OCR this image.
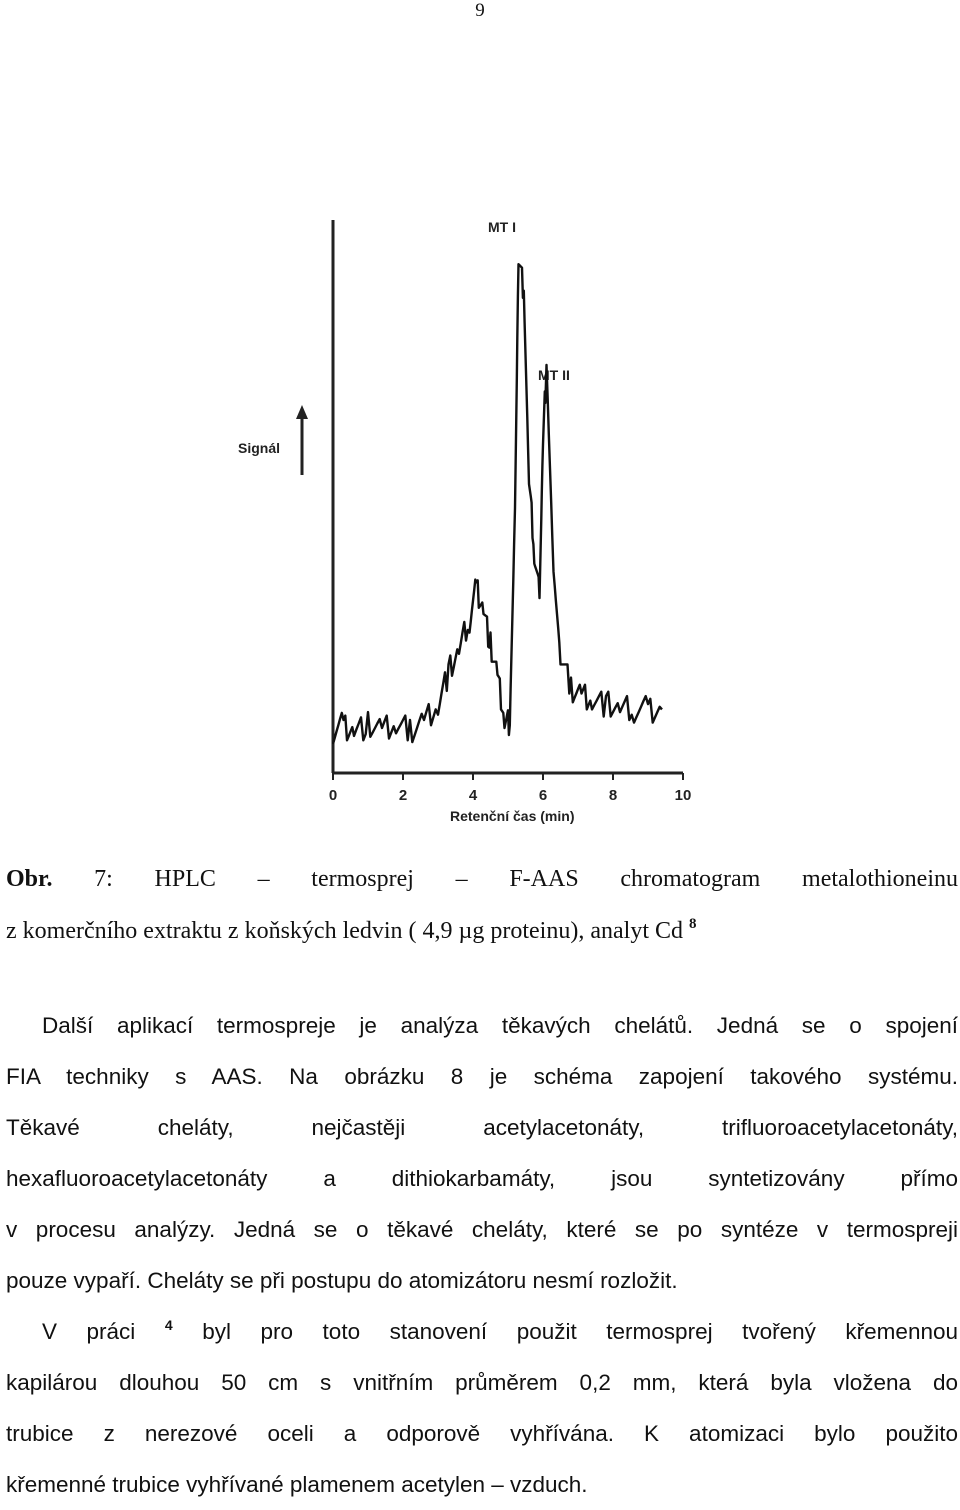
9
0	2	4	6	8	10
Signál
Retenční čas (min)
MT I
MT II
Obr. 7: HPLC – termosprej – F-AAS chromatogram metalothioneinu
z komerčního extraktu z koňských ledvin ( 4,9 µg proteinu), analyt Cd $^8$
Další aplikací termospreje je analýza těkavých chelátů. Jedná se o spojení
FIA techniky s AAS. Na obrázku 8 je schéma zapojení takového systému.
Těkavé cheláty, nejčastěji acetylacetonáty, trifluoroacetylacetonáty,
hexafluoroacetylacetonáty a dithiokarbamáty, jsou syntetizovány přímo
v procesu analýzy. Jedná se o těkavé cheláty, které se po syntéze v termospreji
pouze vypaří. Cheláty se při postupu do atomizátoru nesmí rozložit.
V práci $^4$ byl pro toto stanovení použit termosprej tvořený křemennou
kapilárou dlouhou 50 cm s vnitřním průměrem 0,2 mm, která byla vložena do
trubice z nerezové oceli a odporově vyhřívána. K atomizaci bylo použito
křemenné trubice vyhřívané plamenem acetylen – vzduch.
